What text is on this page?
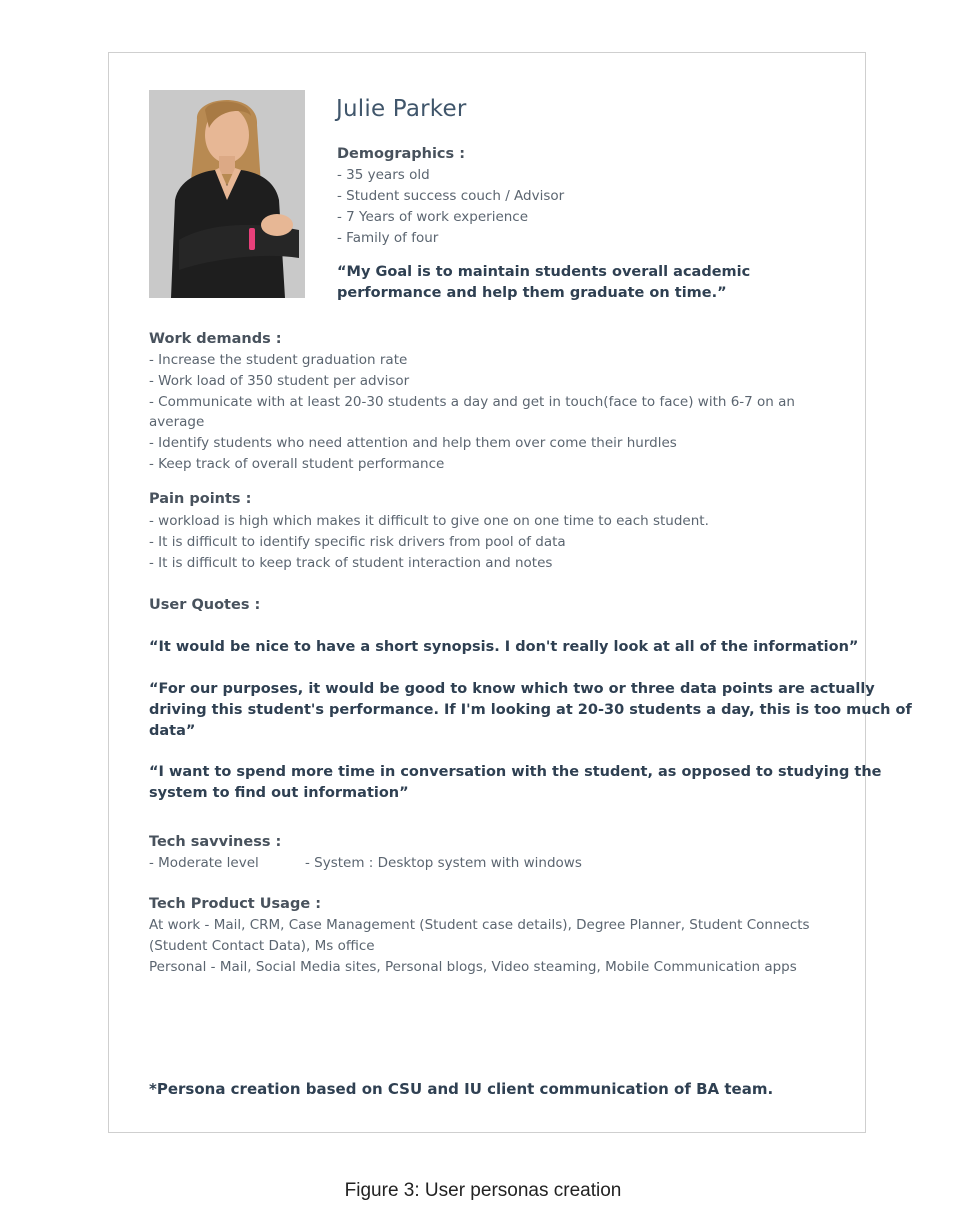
Julie Parker
Demographics :
- 35 years old
- Student success couch / Advisor
- 7 Years of work experience
- Family of four
“My Goal is to maintain students overall academic
performance and help them graduate on time.”
Work demands :
- Increase the student graduation rate
- Work load of 350 student per advisor
- Communicate with at least 20-30 students a day and get in touch(face to face) with 6-7 on an
average
- Identify students who need attention and help them over come their hurdles
- Keep track of overall student performance
Pain points :
- workload is high which makes it difficult to give one on one time to each student.
- It is difficult to identify specific risk drivers from pool of data
- It is difficult to keep track of student interaction and notes
User Quotes :
“It would be nice to have a short synopsis. I don't really look at all of the information”
“For our purposes, it would be good to know which two or three data points are actually
driving this student's performance. If I'm looking at 20-30 students a day, this is too much of
data”
“I want to spend more time in conversation with the student, as opposed to studying the
system to find out information”
Tech savviness :
- Moderate level	- System : Desktop system with windows
Tech Product Usage :
At work - Mail, CRM, Case Management (Student case details), Degree Planner, Student Connects
(Student Contact Data), Ms office
Personal - Mail, Social Media sites, Personal blogs, Video steaming, Mobile Communication apps
*Persona creation based on CSU and IU client communication of BA team.
Figure 3: User personas creation
